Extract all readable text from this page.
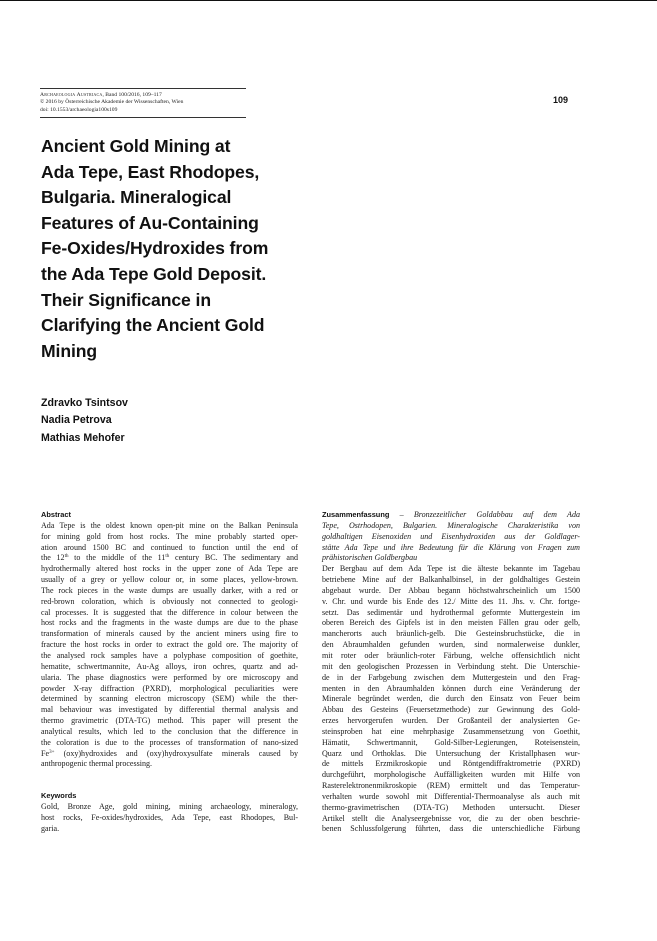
Archaeologia Austriaca, Band 100/2016, 109–117
© 2016 by Österreichische Akademie der Wissenschaften, Wien
doi: 10.1553/archaeologia100s109
109
Ancient Gold Mining at
Ada Tepe, East Rhodopes,
Bulgaria. Mineralogical
Features of Au-Containing
Fe-Oxides/Hydroxides from
the Ada Tepe Gold Deposit.
Their Significance in
Clarifying the Ancient Gold
Mining
Zdravko Tsintsov
Nadia Petrova
Mathias Mehofer
Abstract
Ada Tepe is the oldest known open-pit mine on the Balkan Peninsula
for mining gold from host rocks. The mine probably started oper-
ation around 1500 BC and continued to function until the end of
the 12th to the middle of the 11th century BC. The sedimentary and
hydrothermally altered host rocks in the upper zone of Ada Tepe are
usually of a grey or yellow colour or, in some places, yellow-brown.
The rock pieces in the waste dumps are usually darker, with a red or
red-brown coloration, which is obviously not connected to geologi-
cal processes. It is suggested that the difference in colour between the
host rocks and the fragments in the waste dumps are due to the phase
transformation of minerals caused by the ancient miners using fire to
fracture the host rocks in order to extract the gold ore. The majority of
the analysed rock samples have a polyphase composition of goethite,
hematite, schwertmannite, Au-Ag alloys, iron ochres, quartz and ad-
ularia. The phase diagnostics were performed by ore microscopy and
powder X-ray diffraction (PXRD), morphological peculiarities were
determined by scanning electron microscopy (SEM) while the ther-
mal behaviour was investigated by differential thermal analysis and
thermo gravimetric (DTA-TG) method. This paper will present the
analytical results, which led to the conclusion that the difference in
the coloration is due to the processes of transformation of nano-sized
$Fe^{3+}$ (oxy)hydroxides and (oxy)hydroxysulfate minerals caused by
anthropogenic thermal processing.
Keywords
Gold, Bronze Age, gold mining, mining archaeology, mineralogy,
host rocks, Fe-oxides/hydroxides, Ada Tepe, east Rhodopes, Bul-
garia.
Zusammenfassung – Bronzezeitlicher Goldabbau auf dem Ada
Tepe, Ostrhodopen, Bulgarien. Mineralogische Charakteristika von
goldhaltigen Eisenoxiden und Eisenhydroxiden aus der Goldlager-
stätte Ada Tepe und ihre Bedeutung für die Klärung von Fragen zum
prähistorischen Goldbergbau
Der Bergbau auf dem Ada Tepe ist die älteste bekannte im Tagebau
betriebene Mine auf der Balkanhalbinsel, in der goldhaltiges Gestein
abgebaut wurde. Der Abbau begann höchstwahrscheinlich um 1500
v. Chr. und wurde bis Ende des 12./ Mitte des 11. Jhs. v. Chr. fortge-
setzt. Das sedimentär und hydrothermal geformte Muttergestein im
oberen Bereich des Gipfels ist in den meisten Fällen grau oder gelb,
mancherorts auch bräunlich-gelb. Die Gesteinsbruchstücke, die in
den Abraumhalden gefunden wurden, sind normalerweise dunkler,
mit roter oder bräunlich-roter Färbung, welche offensichtlich nicht
mit den geologischen Prozessen in Verbindung steht. Die Unterschie-
de in der Farbgebung zwischen dem Muttergestein und den Frag-
menten in den Abraumhalden können durch eine Veränderung der
Minerale begründet werden, die durch den Einsatz von Feuer beim
Abbau des Gesteins (Feuersetzmethode) zur Gewinnung des Gold-
erzes hervorgerufen wurden. Der Großanteil der analysierten Ge-
steinsproben hat eine mehrphasige Zusammensetzung von Goethit,
Hämatit, Schwertmannit, Gold-Silber-Legierungen, Roteisenstein,
Quarz und Orthoklas. Die Untersuchung der Kristallphasen wur-
de mittels Erzmikroskopie und Röntgendiffraktrometrie (PXRD)
durchgeführt, morphologische Auffälligkeiten wurden mit Hilfe von
Rasterelektronenmikroskopie (REM) ermittelt und das Temperatur-
verhalten wurde sowohl mit Differential-Thermoanalyse als auch mit
thermo-gravimetrischen (DTA-TG) Methoden untersucht. Dieser
Artikel stellt die Analyseergebnisse vor, die zu der oben beschrie-
benen Schlussfolgerung führten, dass die unterschiedliche Färbung
